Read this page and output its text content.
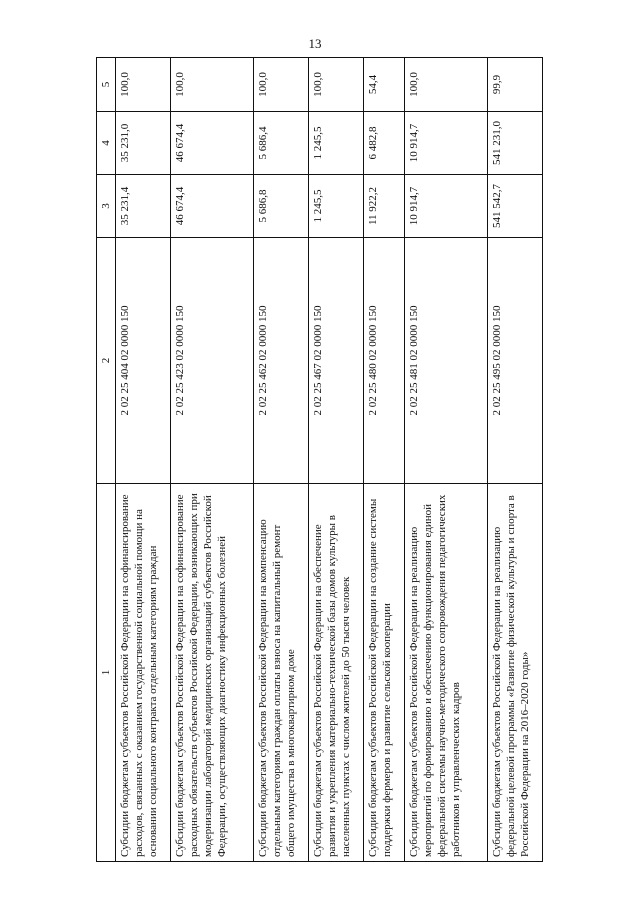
13
1	2	3	4	5
Субсидии бюджетам субъектов Российской Федерации на софинансирование расходов, связанных с оказанием государственной социальной помощи на основании социального контракта отдельным категориям граждан	2 02 25 404 02 0000 150	35 231,4	35 231,0	100,0
Субсидии бюджетам субъектов Российской Федерации на софинансирование расходных обязательств субъектов Российской Федерации, возникающих при модернизации лабораторий медицинских организаций субъектов Российской Федерации, осуществляющих диагностику инфекционных болезней	2 02 25 423 02 0000 150	46 674,4	46 674,4	100,0
Субсидии бюджетам субъектов Российской Федерации на компенсацию отдельным категориям граждан оплаты взноса на капитальный ремонт общего имущества в многоквартирном доме	2 02 25 462 02 0000 150	5 686,8	5 686,4	100,0
Субсидии бюджетам субъектов Российской Федерации на обеспечение развития и укрепления материально-технической базы домов культуры в населенных пунктах с числом жителей до 50 тысяч человек	2 02 25 467 02 0000 150	1 245,5	1 245,5	100,0
Субсидии бюджетам субъектов Российской Федерации на создание системы поддержки фермеров и развитие сельской кооперации	2 02 25 480 02 0000 150	11 922,2	6 482,8	54,4
Субсидии бюджетам субъектов Российской Федерации на реализацию мероприятий по формированию и обеспечению функционирования единой федеральной системы научно-методического сопровождения педагогических работников и управленческих кадров	2 02 25 481 02 0000 150	10 914,7	10 914,7	100,0
Субсидии бюджетам субъектов Российской Федерации на реализацию федеральной целевой программы «Развитие физической культуры и спорта в Российской Федерации на 2016–2020 годы»	2 02 25 495 02 0000 150	541 542,7	541 231,0	99,9
